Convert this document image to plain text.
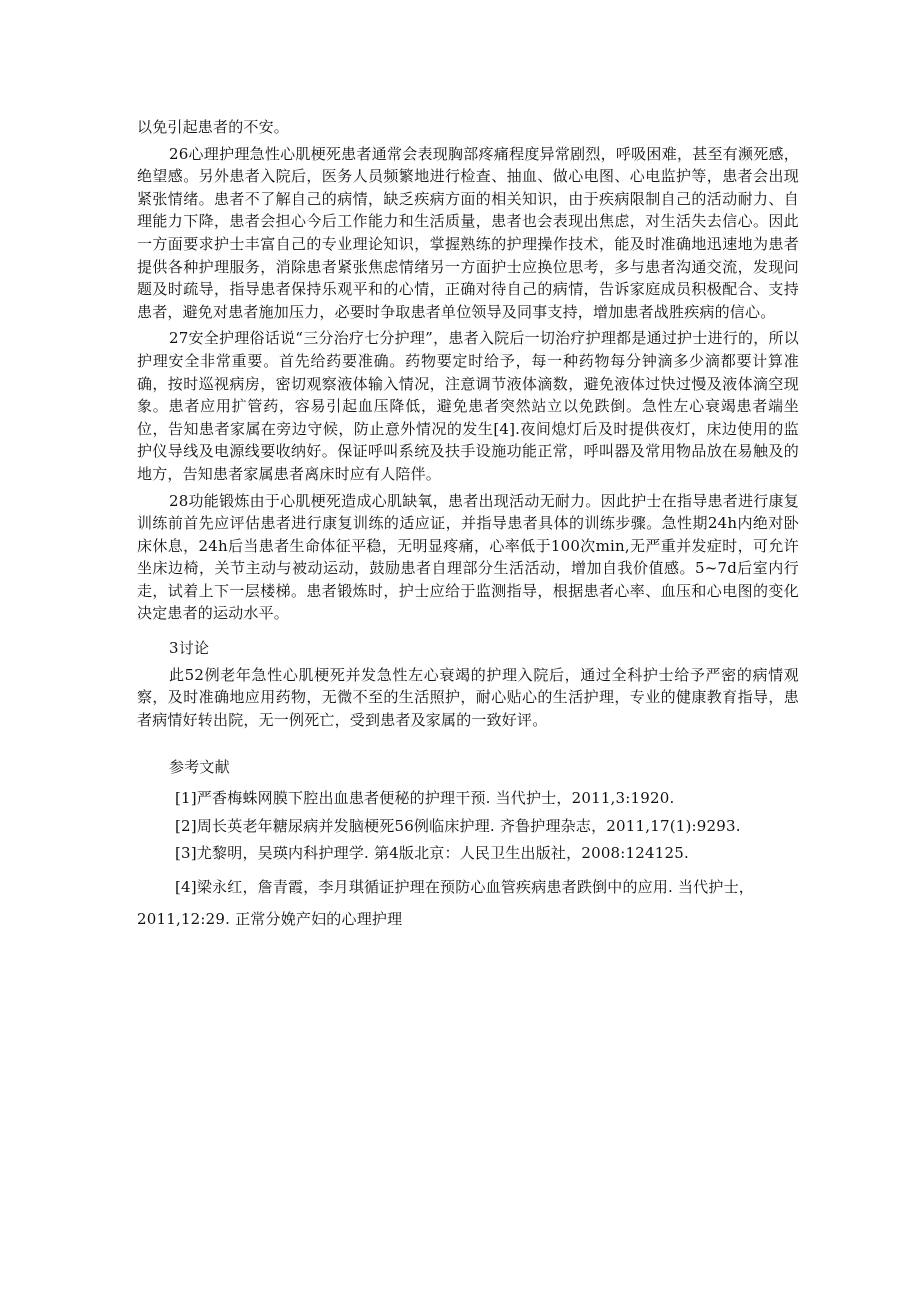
以免引起患者的不安。

26心理护理急性心肌梗死患者通常会表现胸部疼痛程度异常剧烈，呼吸困难，甚至有濒死感，绝望感。另外患者入院后，医务人员频繁地进行检查、抽血、做心电图、心电监护等，患者会出现紧张情绪。患者不了解自己的病情，缺乏疾病方面的相关知识，由于疾病限制自己的活动耐力、自理能力下降，患者会担心今后工作能力和生活质量，患者也会表现出焦虑，对生活失去信心。因此一方面要求护士丰富自己的专业理论知识，掌握熟练的护理操作技术，能及时准确地迅速地为患者提供各种护理服务，消除患者紧张焦虑情绪另一方面护士应换位思考，多与患者沟通交流，发现问题及时疏导，指导患者保持乐观平和的心情，正确对待自己的病情，告诉家庭成员积极配合、支持患者，避免对患者施加压力，必要时争取患者单位领导及同事支持，增加患者战胜疾病的信心。

27安全护理俗话说“三分治疗七分护理”，患者入院后一切治疗护理都是通过护士进行的，所以护理安全非常重要。首先给药要准确。药物要定时给予，每一种药物每分钟滴多少滴都要计算准确，按时巡视病房，密切观察液体输入情况，注意调节液体滴数，避免液体过快过慢及液体滴空现象。患者应用扩管药，容易引起血压降低，避免患者突然站立以免跌倒。急性左心衰竭患者端坐位，告知患者家属在旁边守候，防止意外情况的发生[4].夜间熄灯后及时提供夜灯，床边使用的监护仪导线及电源线要收纳好。保证呼叫系统及扶手设施功能正常，呼叫器及常用物品放在易触及的地方，告知患者家属患者离床时应有人陪伴。

28功能锻炼由于心肌梗死造成心肌缺氧，患者出现活动无耐力。因此护士在指导患者进行康复训练前首先应评估患者进行康复训练的适应证，并指导患者具体的训练步骤。急性期24h内绝对卧床休息，24h后当患者生命体征平稳，无明显疼痛，心率低于100次min,无严重并发症时，可允许坐床边椅，关节主动与被动运动，鼓励患者自理部分生活活动，增加自我价值感。5~7d后室内行走，试着上下一层楼梯。患者锻炼时，护士应给于监测指导，根据患者心率、血压和心电图的变化决定患者的运动水平。

3讨论

此52例老年急性心肌梗死并发急性左心衰竭的护理入院后，通过全科护士给予严密的病情观察，及时准确地应用药物，无微不至的生活照护，耐心贴心的生活护理，专业的健康教育指导，患者病情好转出院，无一例死亡，受到患者及家属的一致好评。

参考文献

[1]严香梅蛛网膜下腔出血患者便秘的护理干预. 当代护士，2011,3:1920.
[2]周长英老年糖尿病并发脑梗死56例临床护理. 齐鲁护理杂志，2011,17(1):9293.
[3]尤黎明，吴瑛内科护理学. 第4版北京：人民卫生出版社，2008:124125.
[4]梁永红，詹青霞，李月琪循证护理在预防心血管疾病患者跌倒中的应用. 当代护士，2011,12:29. 正常分娩产妇的心理护理
